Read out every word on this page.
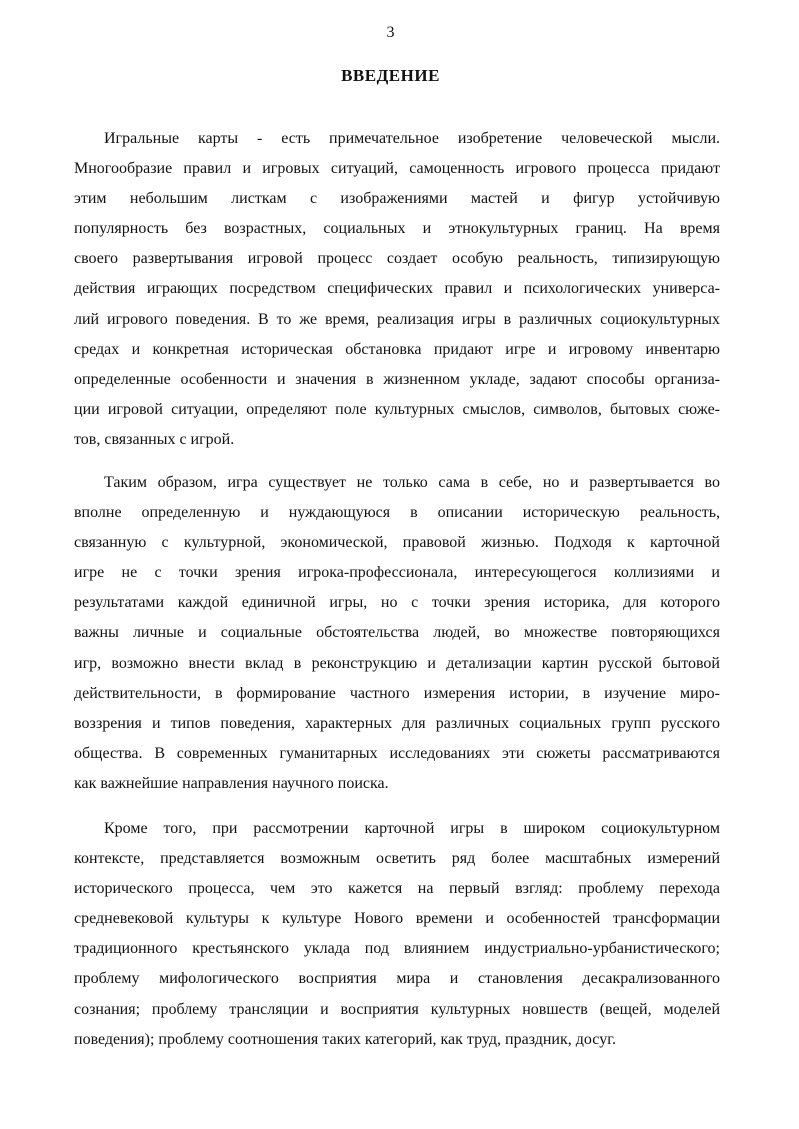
3
ВВЕДЕНИЕ
Игральные карты - есть примечательное изобретение человеческой мысли.
Многообразие правил и игровых ситуаций, самоценность игрового процесса придают
этим небольшим листкам с изображениями мастей и фигур устойчивую
популярность без возрастных, социальных и этнокультурных границ. На время
своего развертывания игровой процесс создает особую реальность, типизирующую
действия играющих посредством специфических правил и психологических универса-
лий игрового поведения. В то же время, реализация игры в различных социокультурных
средах и конкретная историческая обстановка придают игре и игровому инвентарю
определенные особенности и значения в жизненном укладе, задают способы организа-
ции игровой ситуации, определяют поле культурных смыслов, символов, бытовых сюже-
тов, связанных с игрой.
Таким образом, игра существует не только сама в себе, но и развертывается во
вполне определенную и нуждающуюся в описании историческую реальность,
связанную с культурной, экономической, правовой жизнью. Подходя к карточной
игре не с точки зрения игрока-профессионала, интересующегося коллизиями и
результатами каждой единичной игры, но с точки зрения историка, для которого
важны личные и социальные обстоятельства людей, во множестве повторяющихся
игр, возможно внести вклад в реконструкцию и детализации картин русской бытовой
действительности, в формирование частного измерения истории, в изучение миро-
воззрения и типов поведения, характерных для различных социальных групп русского
общества. В современных гуманитарных исследованиях эти сюжеты рассматриваются
как важнейшие направления научного поиска.
Кроме того, при рассмотрении карточной игры в широком социокультурном
контексте, представляется возможным осветить ряд более масштабных измерений
исторического процесса, чем это кажется на первый взгляд: проблему перехода
средневековой культуры к культуре Нового времени и особенностей трансформации
традиционного крестьянского уклада под влиянием индустриально-урбанистического;
проблему мифологического восприятия мира и становления десакрализованного
сознания; проблему трансляции и восприятия культурных новшеств (вещей, моделей
поведения); проблему соотношения таких категорий, как труд, праздник, досуг.
